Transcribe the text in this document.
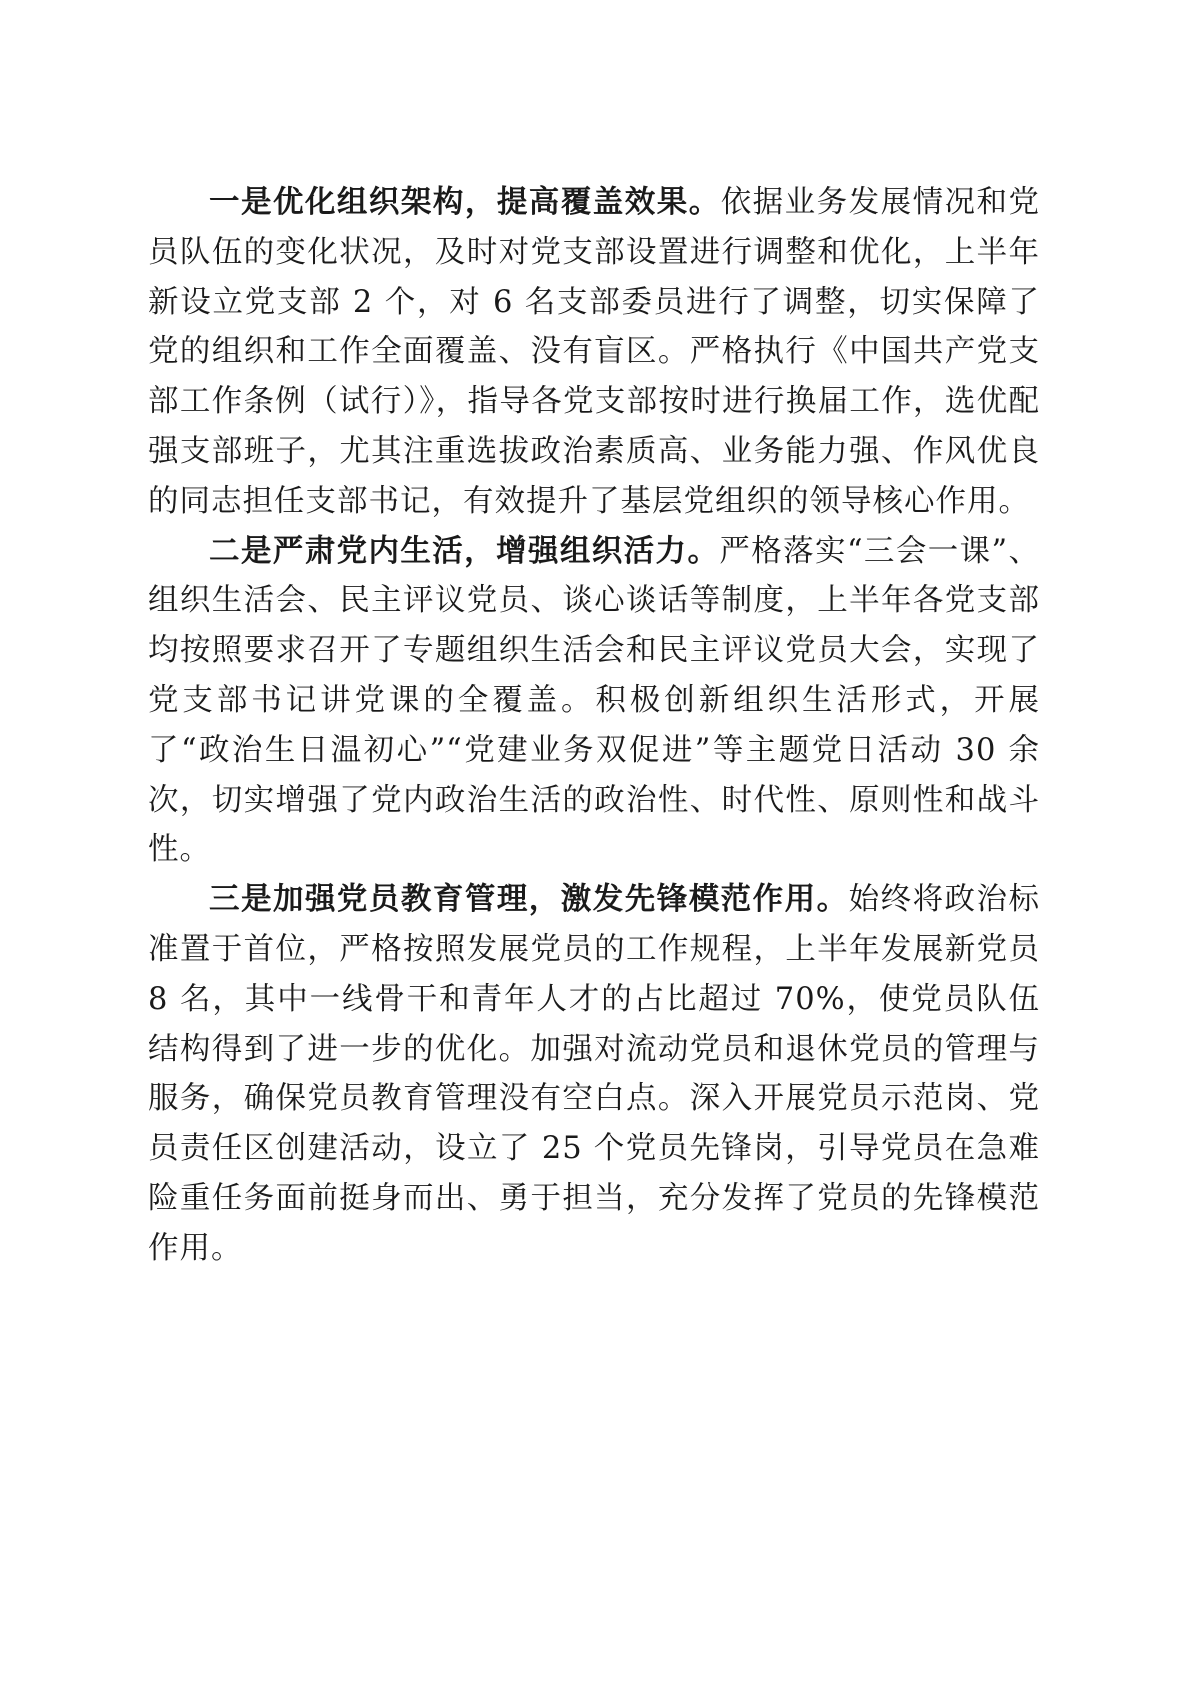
一是优化组织架构，提高覆盖效果。依据业务发展情况和党员队伍的变化状况，及时对党支部设置进行调整和优化，上半年新设立党支部 2 个，对 6 名支部委员进行了调整，切实保障了党的组织和工作全面覆盖、没有盲区。严格执行《中国共产党支部工作条例（试行）》，指导各党支部按时进行换届工作，选优配强支部班子，尤其注重选拔政治素质高、业务能力强、作风优良的同志担任支部书记，有效提升了基层党组织的领导核心作用。

二是严肃党内生活，增强组织活力。严格落实“三会一课”、组织生活会、民主评议党员、谈心谈话等制度，上半年各党支部均按照要求召开了专题组织生活会和民主评议党员大会，实现了党支部书记讲党课的全覆盖。积极创新组织生活形式，开展了“政治生日温初心”“党建业务双促进”等主题党日活动 30 余次，切实增强了党内政治生活的政治性、时代性、原则性和战斗性。

三是加强党员教育管理，激发先锋模范作用。始终将政治标准置于首位，严格按照发展党员的工作规程，上半年发展新党员 8 名，其中一线骨干和青年人才的占比超过 70%，使党员队伍结构得到了进一步的优化。加强对流动党员和退休党员的管理与服务，确保党员教育管理没有空白点。深入开展党员示范岗、党员责任区创建活动，设立了 25 个党员先锋岗，引导党员在急难险重任务面前挺身而出、勇于担当，充分发挥了党员的先锋模范作用。
